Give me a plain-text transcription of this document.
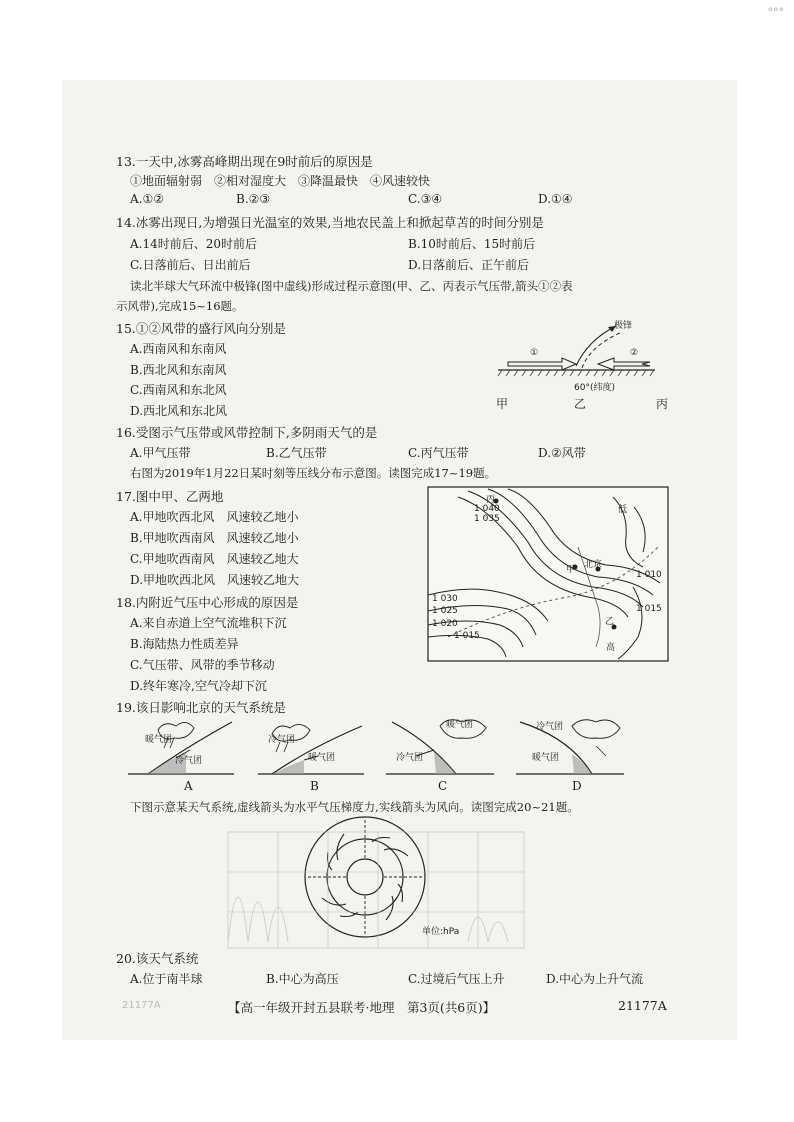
°°°
13.一天中,冰雾高峰期出现在9时前后的原因是
①地面辐射弱　②相对湿度大　③降温最快　④风速较快
A.①②	B.②③	C.③④	D.①④
14.冰雾出现日,为增强日光温室的效果,当地农民盖上和掀起草苫的时间分别是
A.14时前后、20时前后	B.10时前后、15时前后
C.日落前后、日出前后	D.日落前后、正午前后
读北半球大气环流中极锋(图中虚线)形成过程示意图(甲、乙、丙表示气压带,箭头①②表
示风带),完成15~16题。
15.①②风带的盛行风向分别是
A.西南风和东南风
B.西北风和东南风
C.西南风和东北风
D.西北风和东北风
极锋
①	②
60°(纬度)
甲	乙	丙
16.受图示气压带或风带控制下,多阴雨天气的是
A.甲气压带	B.乙气压带	C.丙气压带	D.②风带
右图为2019年1月22日某时刻等压线分布示意图。读图完成17~19题。
17.图中甲、乙两地
A.甲地吹西北风　风速较乙地小
B.甲地吹西南风　风速较乙地小
C.甲地吹西南风　风速较乙地大
D.甲地吹西北风　风速较乙地大
丙
1 040
1 035
低
甲 北京
1 030
1 025
1 020
1 015
1 010
1 015
乙
高
18.内附近气压中心形成的原因是
A.来自赤道上空气流堆积下沉
B.海陆热力性质差异
C.气压带、风带的季节移动
D.终年寒冷,空气冷却下沉
19.该日影响北京的天气系统是
暖气团
冷气团
冷气团
暖气团
暖气团
冷气团
冷气团
暖气团
A	B	C	D
下图示意某天气系统,虚线箭头为水平气压梯度力,实线箭头为风向。读图完成20~21题。
单位:hPa
20.该天气系统
A.位于南半球	B.中心为高压	C.过境后气压上升	D.中心为上升气流
21177A	【高一年级开封五县联考·地理　第3页(共6页)】	21177A
